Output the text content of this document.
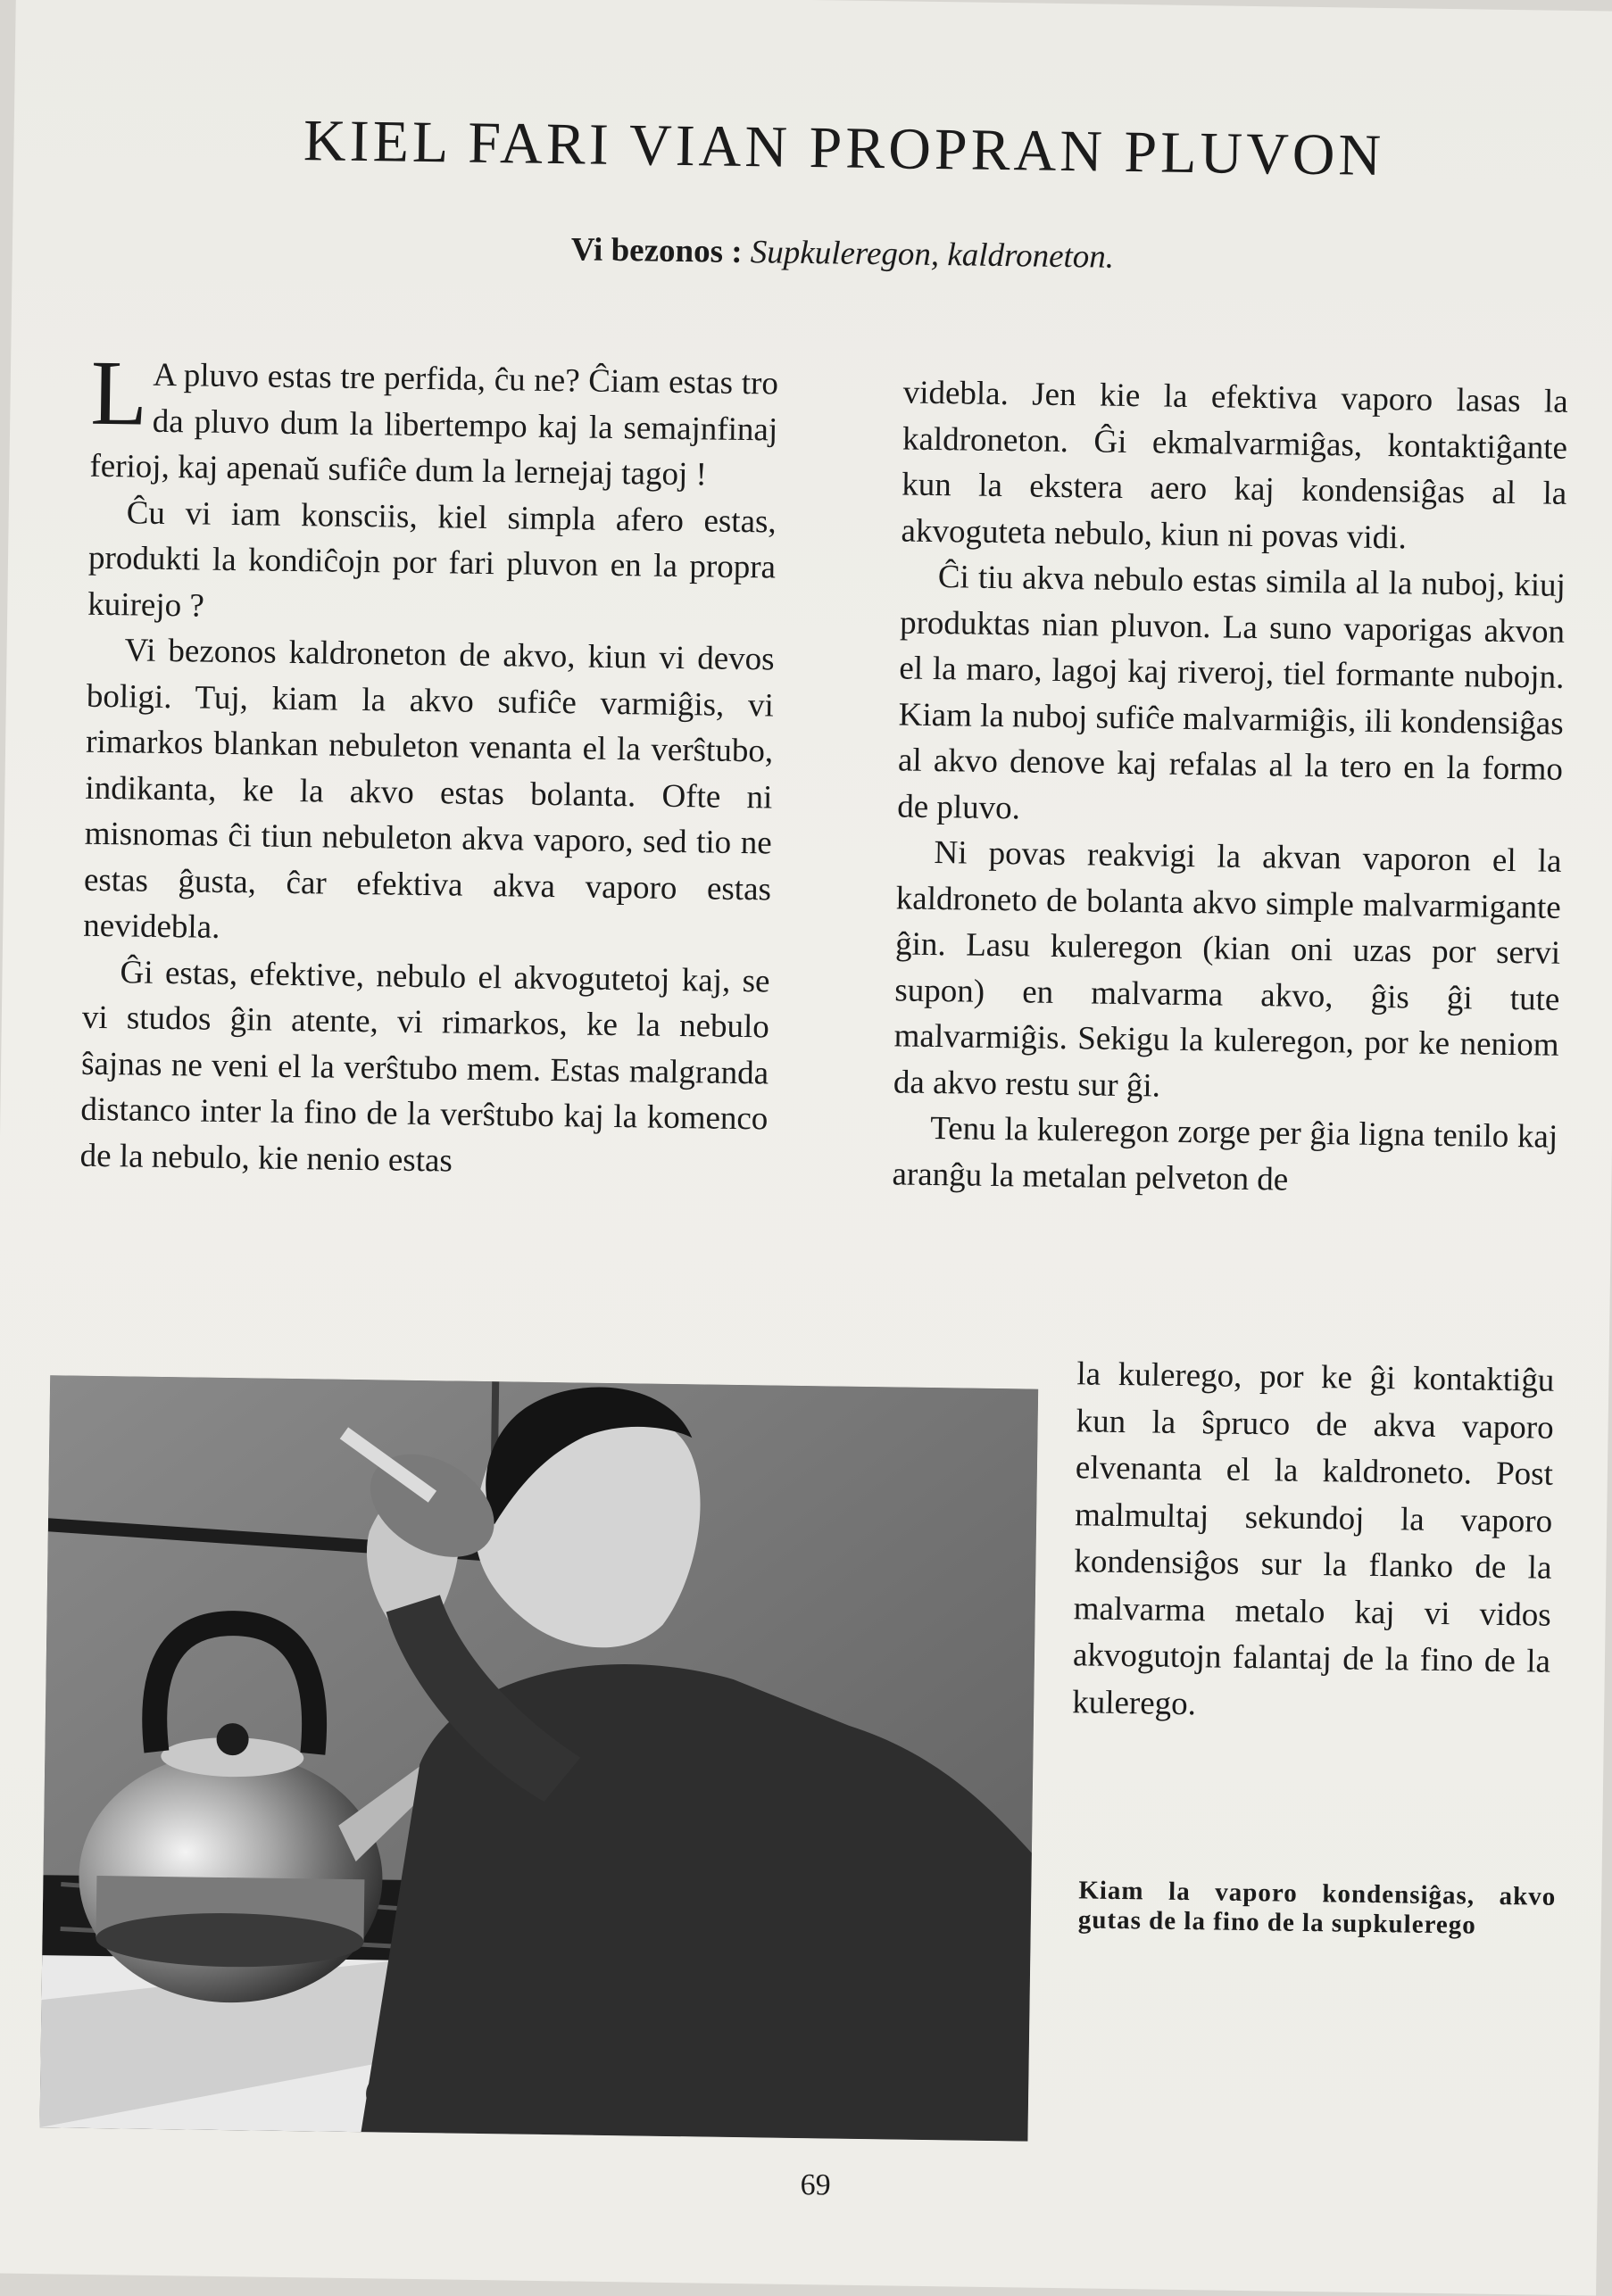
KIEL FARI VIAN PROPRAN PLUVON

Vi bezonos : Supkuleregon, kaldroneton.

L A pluvo estas tre perfida, ĉu ne? Ĉiam estas tro da pluvo dum la libertempo kaj la semajnfinaj ferioj, kaj apenaŭ sufiĉe dum la lernejaj tagoj !

Ĉu vi iam konsciis, kiel simpla afero estas, produkti la kondiĉojn por fari pluvon en la propra kuirejo ?

Vi bezonos kaldroneton de akvo, kiun vi devos boligi. Tuj, kiam la akvo sufiĉe varmiĝis, vi rimarkos blankan nebuleton venanta el la verŝtubo, indikanta, ke la akvo estas bolanta. Ofte ni misnomas ĉi tiun nebuleton akva vaporo, sed tio ne estas ĝusta, ĉar efektiva akva vaporo estas nevidebla.

Ĝi estas, efektive, nebulo el akvogutetoj kaj, se vi studos ĝin atente, vi rimarkos, ke la nebulo ŝajnas ne veni el la verŝtubo mem. Estas malgranda distanco inter la fino de la verŝtubo kaj la komenco de la nebulo, kie nenio estas

videbla. Jen kie la efektiva vaporo lasas la kaldroneton. Ĝi ekmalvarmiĝas, kontaktiĝante kun la ekstera aero kaj kondensiĝas al la akvoguteta nebulo, kiun ni povas vidi.

Ĉi tiu akva nebulo estas simila al la nuboj, kiuj produktas nian pluvon. La suno vaporigas akvon el la maro, lagoj kaj riveroj, tiel formante nubojn. Kiam la nuboj sufiĉe malvarmiĝis, ili kondensiĝas al akvo denove kaj refalas al la tero en la formo de pluvo.

Ni povas reakvigi la akvan vaporon el la kaldroneto de bolanta akvo simple malvarmigante ĝin. Lasu kuleregon (kian oni uzas por servi supon) en malvarma akvo, ĝis ĝi tute malvarmiĝis. Sekigu la kuleregon, por ke neniom da akvo restu sur ĝi.

Tenu la kuleregon zorge per ĝia ligna tenilo kaj aranĝu la metalan pelveton de

la kulerego, por ke ĝi kontaktiĝu kun la ŝpruco de akva vaporo elvenanta el la kaldroneto. Post malmultaj sekundoj la vaporo kondensiĝos sur la flanko de la malvarma metalo kaj vi vidos akvogutojn falantaj de la fino de la kulerego.

Kiam la vaporo kondensiĝas, akvo gutas de la fino de la supkulerego

69
